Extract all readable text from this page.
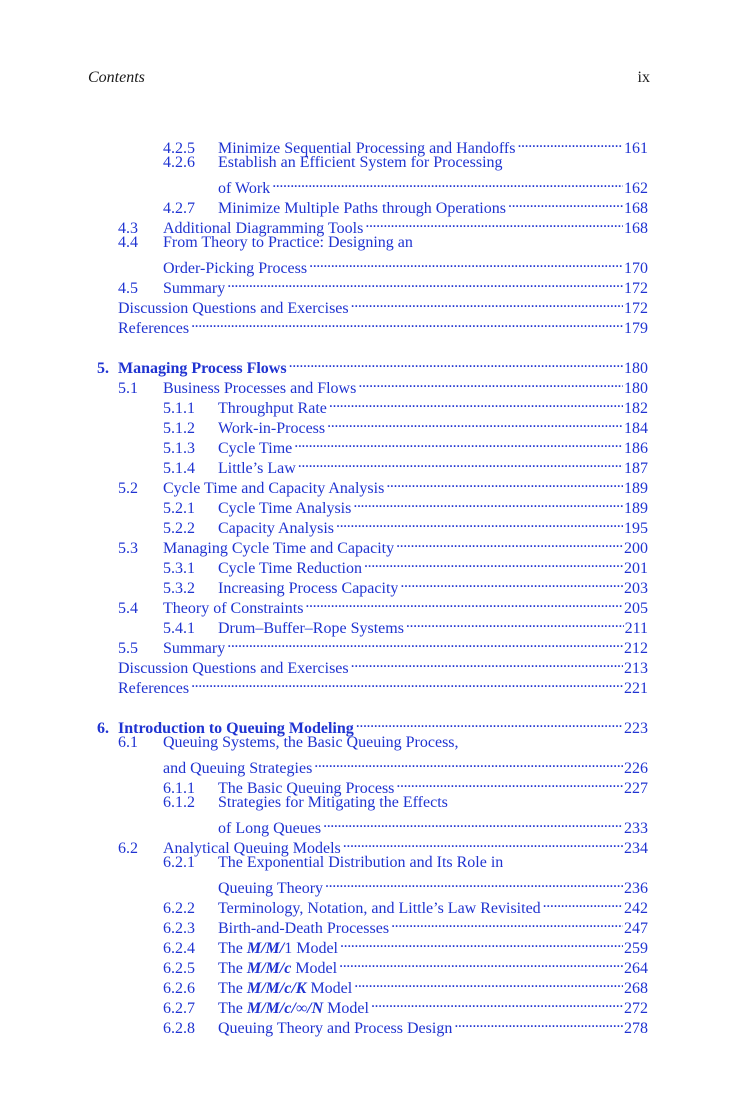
Contents	ix
4.2.5	Minimize Sequential Processing and Handoffs . . .	161
4.2.6	Establish an Efficient System for Processing
of Work . . .	162
4.2.7	Minimize Multiple Paths through Operations . . .	168
4.3	Additional Diagramming Tools . . .	168
4.4	From Theory to Practice: Designing an
Order-Picking Process . . .	170
4.5	Summary . . .	172
Discussion Questions and Exercises . . .	172
References . . .	179
5. Managing Process Flows . . .	180
5.1	Business Processes and Flows . . .	180
5.1.1	Throughput Rate . . .	182
5.1.2	Work-in-Process . . .	184
5.1.3	Cycle Time . . .	186
5.1.4	Little’s Law . . .	187
5.2	Cycle Time and Capacity Analysis . . .	189
5.2.1	Cycle Time Analysis . . .	189
5.2.2	Capacity Analysis . . .	195
5.3	Managing Cycle Time and Capacity . . .	200
5.3.1	Cycle Time Reduction . . .	201
5.3.2	Increasing Process Capacity . . .	203
5.4	Theory of Constraints . . .	205
5.4.1	Drum–Buffer–Rope Systems . . .	211
5.5	Summary . . .	212
Discussion Questions and Exercises . . .	213
References . . .	221
6. Introduction to Queuing Modeling . . .	223
6.1	Queuing Systems, the Basic Queuing Process,
and Queuing Strategies . . .	226
6.1.1	The Basic Queuing Process . . .	227
6.1.2	Strategies for Mitigating the Effects
of Long Queues . . .	233
6.2	Analytical Queuing Models . . .	234
6.2.1	The Exponential Distribution and Its Role in
Queuing Theory . . .	236
6.2.2	Terminology, Notation, and Little’s Law Revisited . . .	242
6.2.3	Birth-and-Death Processes . . .	247
6.2.4	The M/M/1 Model . . .	259
6.2.5	The M/M/c Model . . .	264
6.2.6	The M/M/c/K Model . . .	268
6.2.7	The M/M/c/∞/N Model . . .	272
6.2.8	Queuing Theory and Process Design . . .	278
